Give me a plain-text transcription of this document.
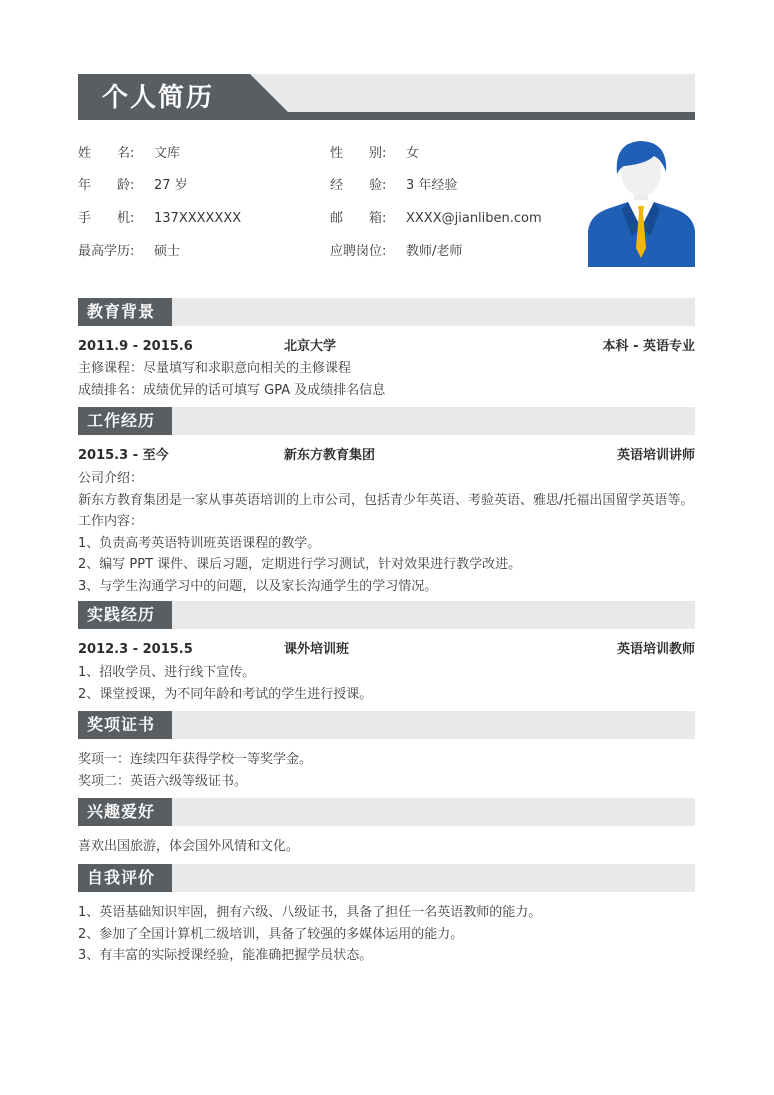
个人简历
姓　　名: 文库	性　　别: 女
年　　龄: 27 岁	经　　验: 3 年经验
手　　机: 137XXXXXXX	邮　　箱: XXXX@jianliben.com
最高学历: 硕士	应聘岗位: 教师/老师
教育背景
2011.9 - 2015.6	北京大学	本科 - 英语专业
主修课程：尽量填写和求职意向相关的主修课程
成绩排名：成绩优异的话可填写 GPA 及成绩排名信息
工作经历
2015.3 - 至今	新东方教育集团	英语培训讲师
公司介绍：
新东方教育集团是一家从事英语培训的上市公司，包括青少年英语、考验英语、雅思/托福出国留学英语等。
工作内容：
1、负责高考英语特训班英语课程的教学。
2、编写 PPT 课件、课后习题，定期进行学习测试，针对效果进行教学改进。
3、与学生沟通学习中的问题，以及家长沟通学生的学习情况。
实践经历
2012.3 - 2015.5	课外培训班	英语培训教师
1、招收学员、进行线下宣传。
2、课堂授课，为不同年龄和考试的学生进行授课。
奖项证书
奖项一：连续四年获得学校一等奖学金。
奖项二：英语六级等级证书。
兴趣爱好
喜欢出国旅游，体会国外风情和文化。
自我评价
1、英语基础知识牢固，拥有六级、八级证书，具备了担任一名英语教师的能力。
2、参加了全国计算机二级培训，具备了较强的多媒体运用的能力。
3、有丰富的实际授课经验，能准确把握学员状态。
